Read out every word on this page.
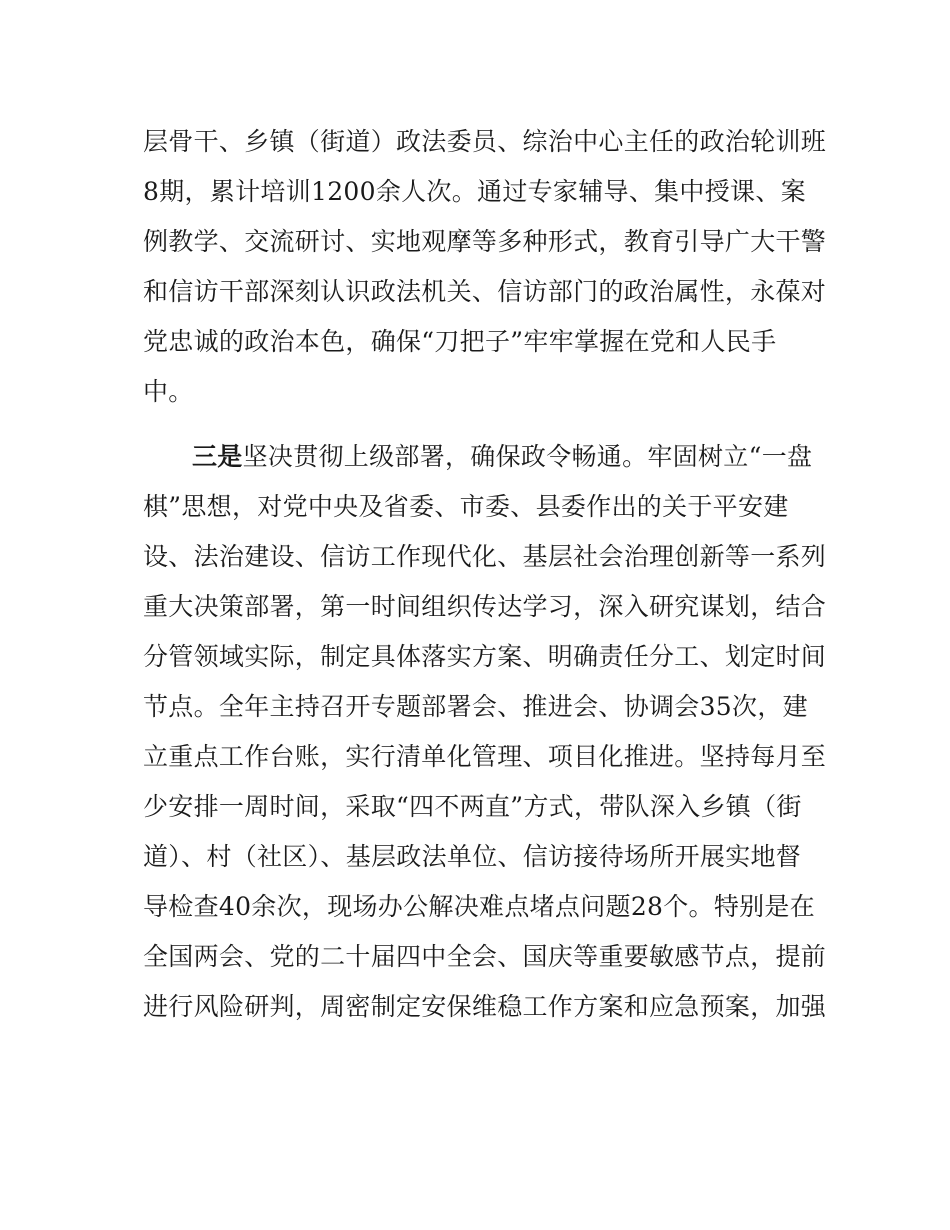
层骨干、乡镇（街道）政法委员、综治中心主任的政治轮训班
8期，累计培训1200余人次。通过专家辅导、集中授课、案
例教学、交流研讨、实地观摩等多种形式，教育引导广大干警
和信访干部深刻认识政法机关、信访部门的政治属性，永葆对
党忠诚的政治本色，确保“刀把子”牢牢掌握在党和人民手
中。
三是坚决贯彻上级部署，确保政令畅通。牢固树立“一盘
棋”思想，对党中央及省委、市委、县委作出的关于平安建
设、法治建设、信访工作现代化、基层社会治理创新等一系列
重大决策部署，第一时间组织传达学习，深入研究谋划，结合
分管领域实际，制定具体落实方案、明确责任分工、划定时间
节点。全年主持召开专题部署会、推进会、协调会35次，建
立重点工作台账，实行清单化管理、项目化推进。坚持每月至
少安排一周时间，采取“四不两直”方式，带队深入乡镇（街
道）、村（社区）、基层政法单位、信访接待场所开展实地督
导检查40余次，现场办公解决难点堵点问题28个。特别是在
全国两会、党的二十届四中全会、国庆等重要敏感节点，提前
进行风险研判，周密制定安保维稳工作方案和应急预案，加强
